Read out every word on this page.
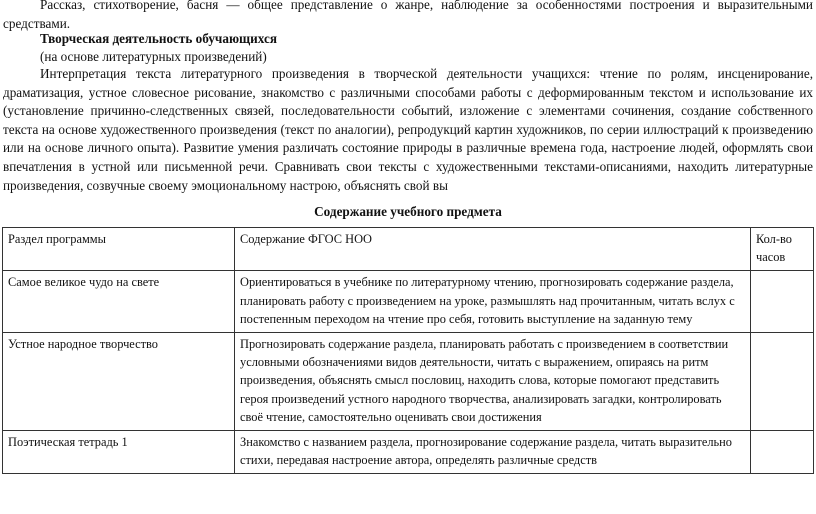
Рассказ, стихотворение, басня — общее представление о жанре, наблюдение за особенностями построения и выразительными средствами.

Творческая деятельность обучающихся
(на основе литературных произведений)

Интерпретация текста литературного произведения в творческой деятельности учащихся: чтение по ролям, инсценирование, драматизация, устное словесное рисование, знакомство с различными способами работы с деформированным текстом и использование их (установление причинно-следственных связей, последовательности событий, изложение с элементами сочинения, создание собственного текста на основе художественного произведения (текст по аналогии), репродукций картин художников, по серии иллюстраций к произведению или на основе личного опыта). Развитие умения различать состояние природы в различные времена года, настроение людей, оформлять свои впечатления в устной или письменной речи. Сравнивать свои тексты с художественными текстами-описаниями, находить литературные произведения, созвучные своему эмоциональному настрою, объяснять свой вы

Содержание учебного предмета
Раздел программы	Содержание ФГОС НОО	Кол-во часов
Самое великое чудо на свете	Ориентироваться в учебнике по литературному чтению, прогнозировать содержание раздела, планировать работу с произведением на уроке, размышлять над прочитанным, читать вслух с постепенным переходом на чтение про себя, готовить выступление на заданную тему	
Устное народное творчество	Прогнозировать содержание раздела, планировать работать с произведением в соответствии условными обозначениями видов деятельности, читать с выражением, опираясь на ритм произведения, объяснять смысл пословиц, находить слова, которые помогают представить героя произведений устного народного творчества, анализировать загадки, контролировать своё чтение, самостоятельно оценивать свои достижения	
Поэтическая тетрадь 1	Знакомство с названием раздела, прогнозирование содержание раздела, читать выразительно стихи, передавая настроение автора, определять различные средств	
